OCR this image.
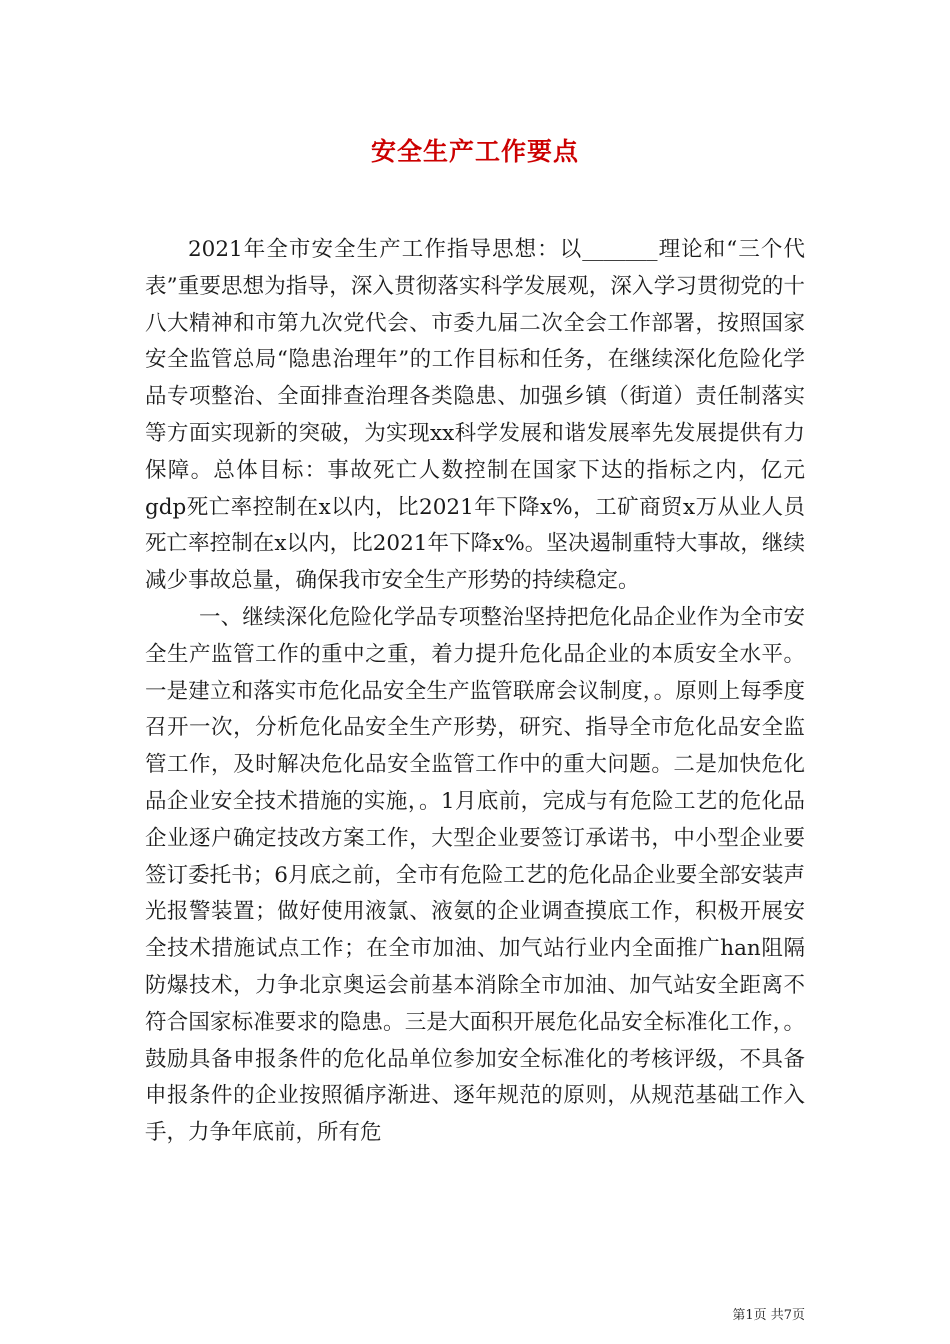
安全生产工作要点

2021年全市安全生产工作指导思想：以_______理论和“三个代表”重要思想为指导，深入贯彻落实科学发展观，深入学习贯彻党的十八大精神和市第九次党代会、市委九届二次全会工作部署，按照国家安全监管总局“隐患治理年”的工作目标和任务，在继续深化危险化学品专项整治、全面排查治理各类隐患、加强乡镇（街道）责任制落实等方面实现新的突破，为实现xx科学发展和谐发展率先发展提供有力保障。总体目标：事故死亡人数控制在国家下达的指标之内，亿元gdp死亡率控制在x以内，比2021年下降x%，工矿商贸x万从业人员死亡率控制在x以内，比2021年下降x%。坚决遏制重特大事故，继续减少事故总量，确保我市安全生产形势的持续稳定。

一、继续深化危险化学品专项整治坚持把危化品企业作为全市安全生产监管工作的重中之重，着力提升危化品企业的本质安全水平。一是建立和落实市危化品安全生产监管联席会议制度，。原则上每季度召开一次，分析危化品安全生产形势，研究、指导全市危化品安全监管工作，及时解决危化品安全监管工作中的重大问题。二是加快危化品企业安全技术措施的实施，。1月底前，完成与有危险工艺的危化品企业逐户确定技改方案工作，大型企业要签订承诺书，中小型企业要签订委托书；6月底之前，全市有危险工艺的危化品企业要全部安装声光报警装置；做好使用液氯、液氨的企业调查摸底工作，积极开展安全技术措施试点工作；在全市加油、加气站行业内全面推广han阻隔防爆技术，力争北京奥运会前基本消除全市加油、加气站安全距离不符合国家标准要求的隐患。三是大面积开展危化品安全标准化工作，。鼓励具备申报条件的危化品单位参加安全标准化的考核评级，不具备申报条件的企业按照循序渐进、逐年规范的原则，从规范基础工作入手，力争年底前，所有危

第1页 共7页
